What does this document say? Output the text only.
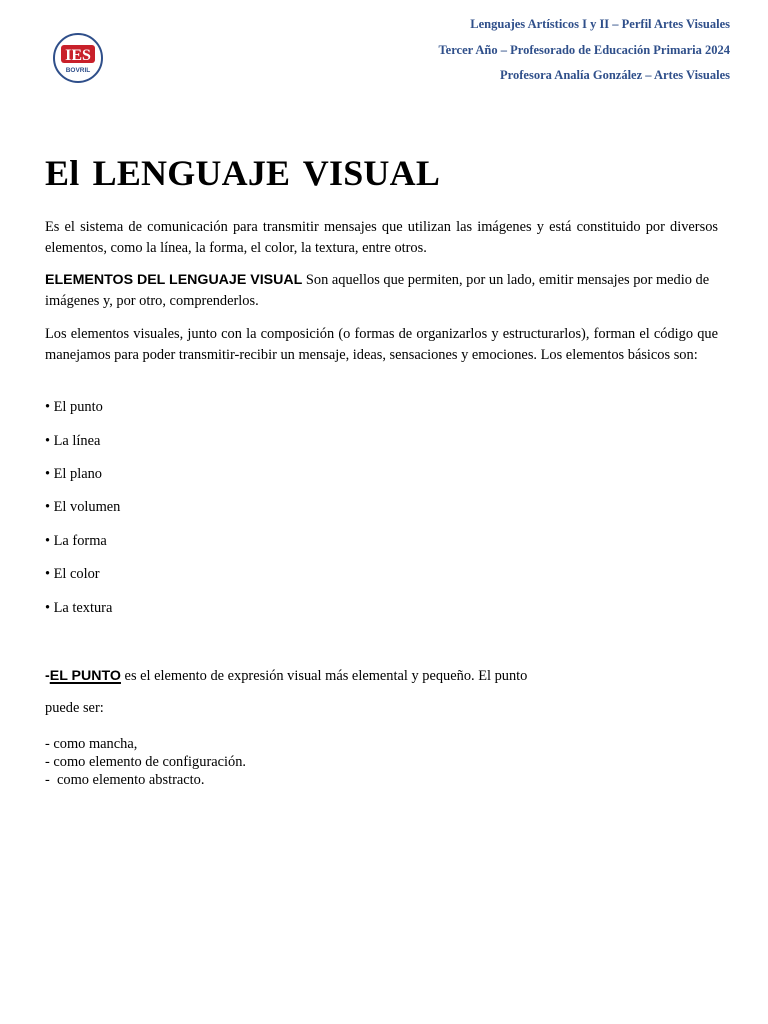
Lenguajes Artísticos I y II – Perfil Artes Visuales
Tercer Año – Profesorado de Educación Primaria 2024
Profesora Analía González – Artes Visuales
IES
BOVRIL
El LENGUAJE VISUAL

Es el sistema de comunicación para transmitir mensajes que utilizan las imágenes y está constituido por diversos elementos, como la línea, la forma, el color, la textura, entre otros.

ELEMENTOS DEL LENGUAJE VISUAL Son aquellos que permiten, por un lado, emitir mensajes por medio de imágenes y, por otro, comprenderlos.

Los elementos visuales, junto con la composición (o formas de organizarlos y estructurarlos), forman el código que manejamos para poder transmitir-recibir un mensaje, ideas, sensaciones y emociones. Los elementos básicos son:

• El punto

• La línea

• El plano

• El volumen

• La forma

• El color

• La textura

-EL PUNTO es el elemento de expresión visual más elemental y pequeño. El punto

puede ser:

- como mancha,

- como elemento de configuración.

-  como elemento abstracto.
